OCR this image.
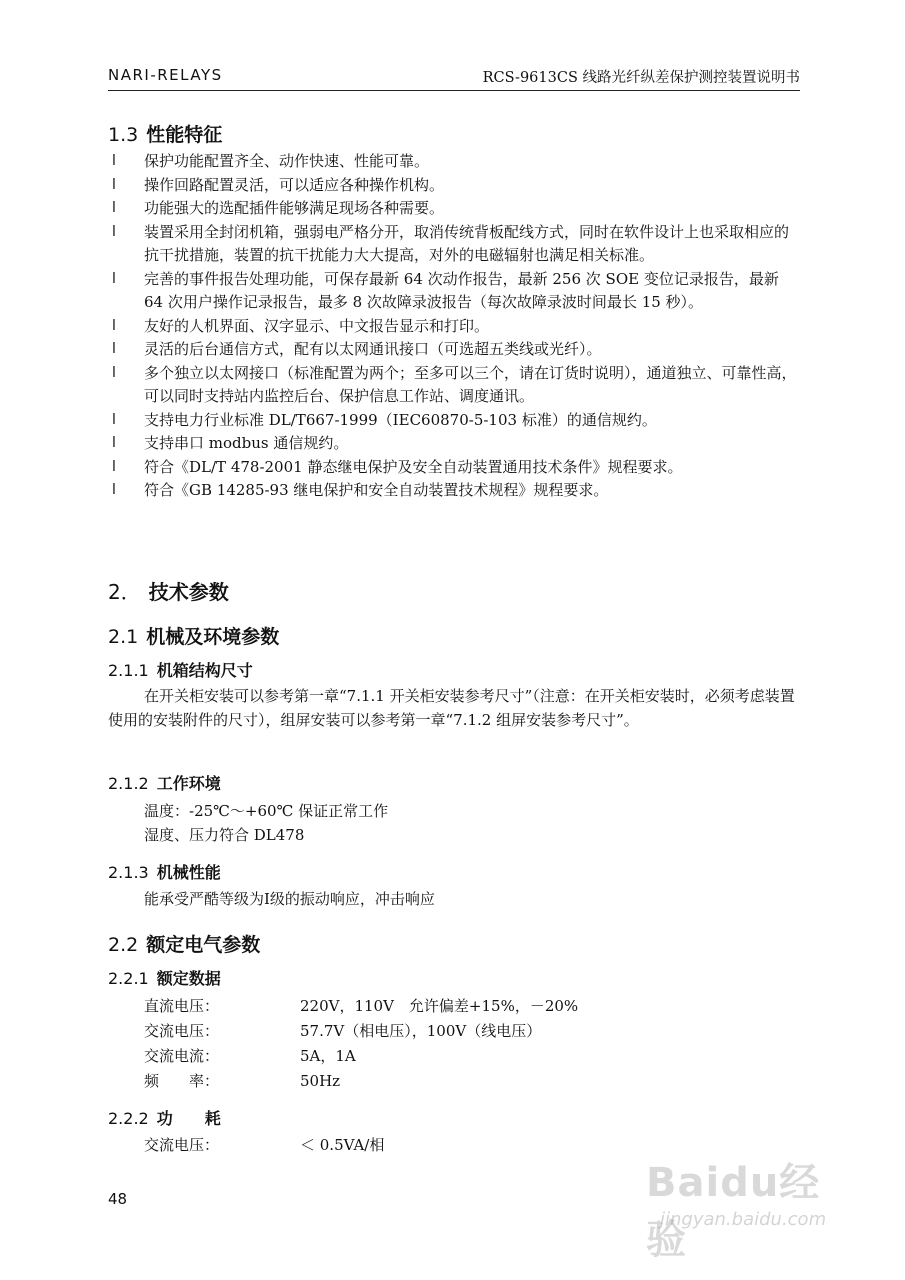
NARI-RELAYS	RCS-9613CS 线路光纤纵差保护测控装置说明书
1.3 性能特征
l 保护功能配置齐全、动作快速、性能可靠。
l 操作回路配置灵活，可以适应各种操作机构。
l 功能强大的选配插件能够满足现场各种需要。
l 装置采用全封闭机箱，强弱电严格分开，取消传统背板配线方式，同时在软件设计上也采取相应的抗干扰措施，装置的抗干扰能力大大提高，对外的电磁辐射也满足相关标准。
l 完善的事件报告处理功能，可保存最新 64 次动作报告，最新 256 次 SOE 变位记录报告，最新 64 次用户操作记录报告，最多 8 次故障录波报告（每次故障录波时间最长 15 秒）。
l 友好的人机界面、汉字显示、中文报告显示和打印。
l 灵活的后台通信方式，配有以太网通讯接口（可选超五类线或光纤）。
l 多个独立以太网接口（标准配置为两个；至多可以三个，请在订货时说明），通道独立、可靠性高，可以同时支持站内监控后台、保护信息工作站、调度通讯。
l 支持电力行业标准 DL/T667-1999（IEC60870-5-103 标准）的通信规约。
l 支持串口 modbus 通信规约。
l 符合《DL/T 478-2001 静态继电保护及安全自动装置通用技术条件》规程要求。
l 符合《GB 14285-93 继电保护和安全自动装置技术规程》规程要求。
2． 技术参数
2.1 机械及环境参数
2.1.1 机箱结构尺寸
在开关柜安装可以参考第一章“7.1.1 开关柜安装参考尺寸”（注意：在开关柜安装时，必须考虑装置使用的安装附件的尺寸），组屏安装可以参考第一章“7.1.2 组屏安装参考尺寸”。
2.1.2 工作环境
温度：-25℃～+60℃ 保证正常工作
湿度、压力符合 DL478
2.1.3 机械性能
能承受严酷等级为Ⅰ级的振动响应，冲击响应
2.2 额定电气参数
2.2.1 额定数据
直流电压：	220V，110V　允许偏差+15%，－20%
交流电压：	57.7V（相电压），100V（线电压）
交流电流：	5A，1A
频　　率：	50Hz
2.2.2 功　　耗
交流电压：	＜ 0.5VA/相
48	Baidu经验
jingyan.baidu.com
